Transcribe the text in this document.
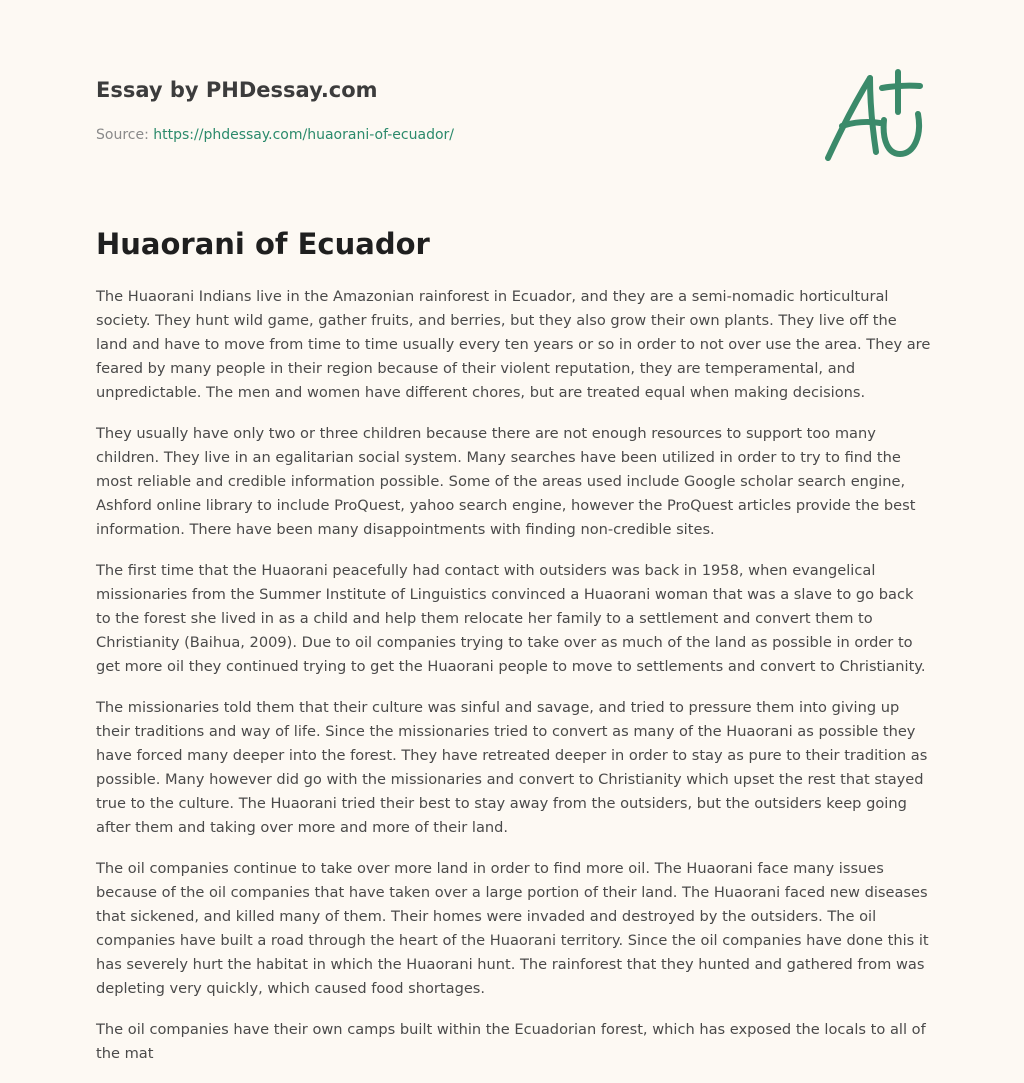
Essay by PHDessay.com
Source: https://phdessay.com/huaorani-of-ecuador/
Huaorani of Ecuador

The Huaorani Indians live in the Amazonian rainforest in Ecuador, and they are a semi-nomadic horticultural society. They hunt wild game, gather fruits, and berries, but they also grow their own plants. They live off the land and have to move from time to time usually every ten years or so in order to not over use the area. They are feared by many people in their region because of their violent reputation, they are temperamental, and unpredictable. The men and women have different chores, but are treated equal when making decisions.

They usually have only two or three children because there are not enough resources to support too many children. They live in an egalitarian social system. Many searches have been utilized in order to try to find the most reliable and credible information possible. Some of the areas used include Google scholar search engine, Ashford online library to include ProQuest, yahoo search engine, however the ProQuest articles provide the best information. There have been many disappointments with finding non-credible sites.

The first time that the Huaorani peacefully had contact with outsiders was back in 1958, when evangelical missionaries from the Summer Institute of Linguistics convinced a Huaorani woman that was a slave to go back to the forest she lived in as a child and help them relocate her family to a settlement and convert them to Christianity (Baihua, 2009). Due to oil companies trying to take over as much of the land as possible in order to get more oil they continued trying to get the Huaorani people to move to settlements and convert to Christianity.

The missionaries told them that their culture was sinful and savage, and tried to pressure them into giving up their traditions and way of life. Since the missionaries tried to convert as many of the Huaorani as possible they have forced many deeper into the forest. They have retreated deeper in order to stay as pure to their tradition as possible. Many however did go with the missionaries and convert to Christianity which upset the rest that stayed true to the culture. The Huaorani tried their best to stay away from the outsiders, but the outsiders keep going after them and taking over more and more of their land.

The oil companies continue to take over more land in order to find more oil. The Huaorani face many issues because of the oil companies that have taken over a large portion of their land. The Huaorani faced new diseases that sickened, and killed many of them. Their homes were invaded and destroyed by the outsiders. The oil companies have built a road through the heart of the Huaorani territory. Since the oil companies have done this it has severely hurt the habitat in which the Huaorani hunt. The rainforest that they hunted and gathered from was depleting very quickly, which caused food shortages.

The oil companies have their own camps built within the Ecuadorian forest, which has exposed the locals to all of the mat
